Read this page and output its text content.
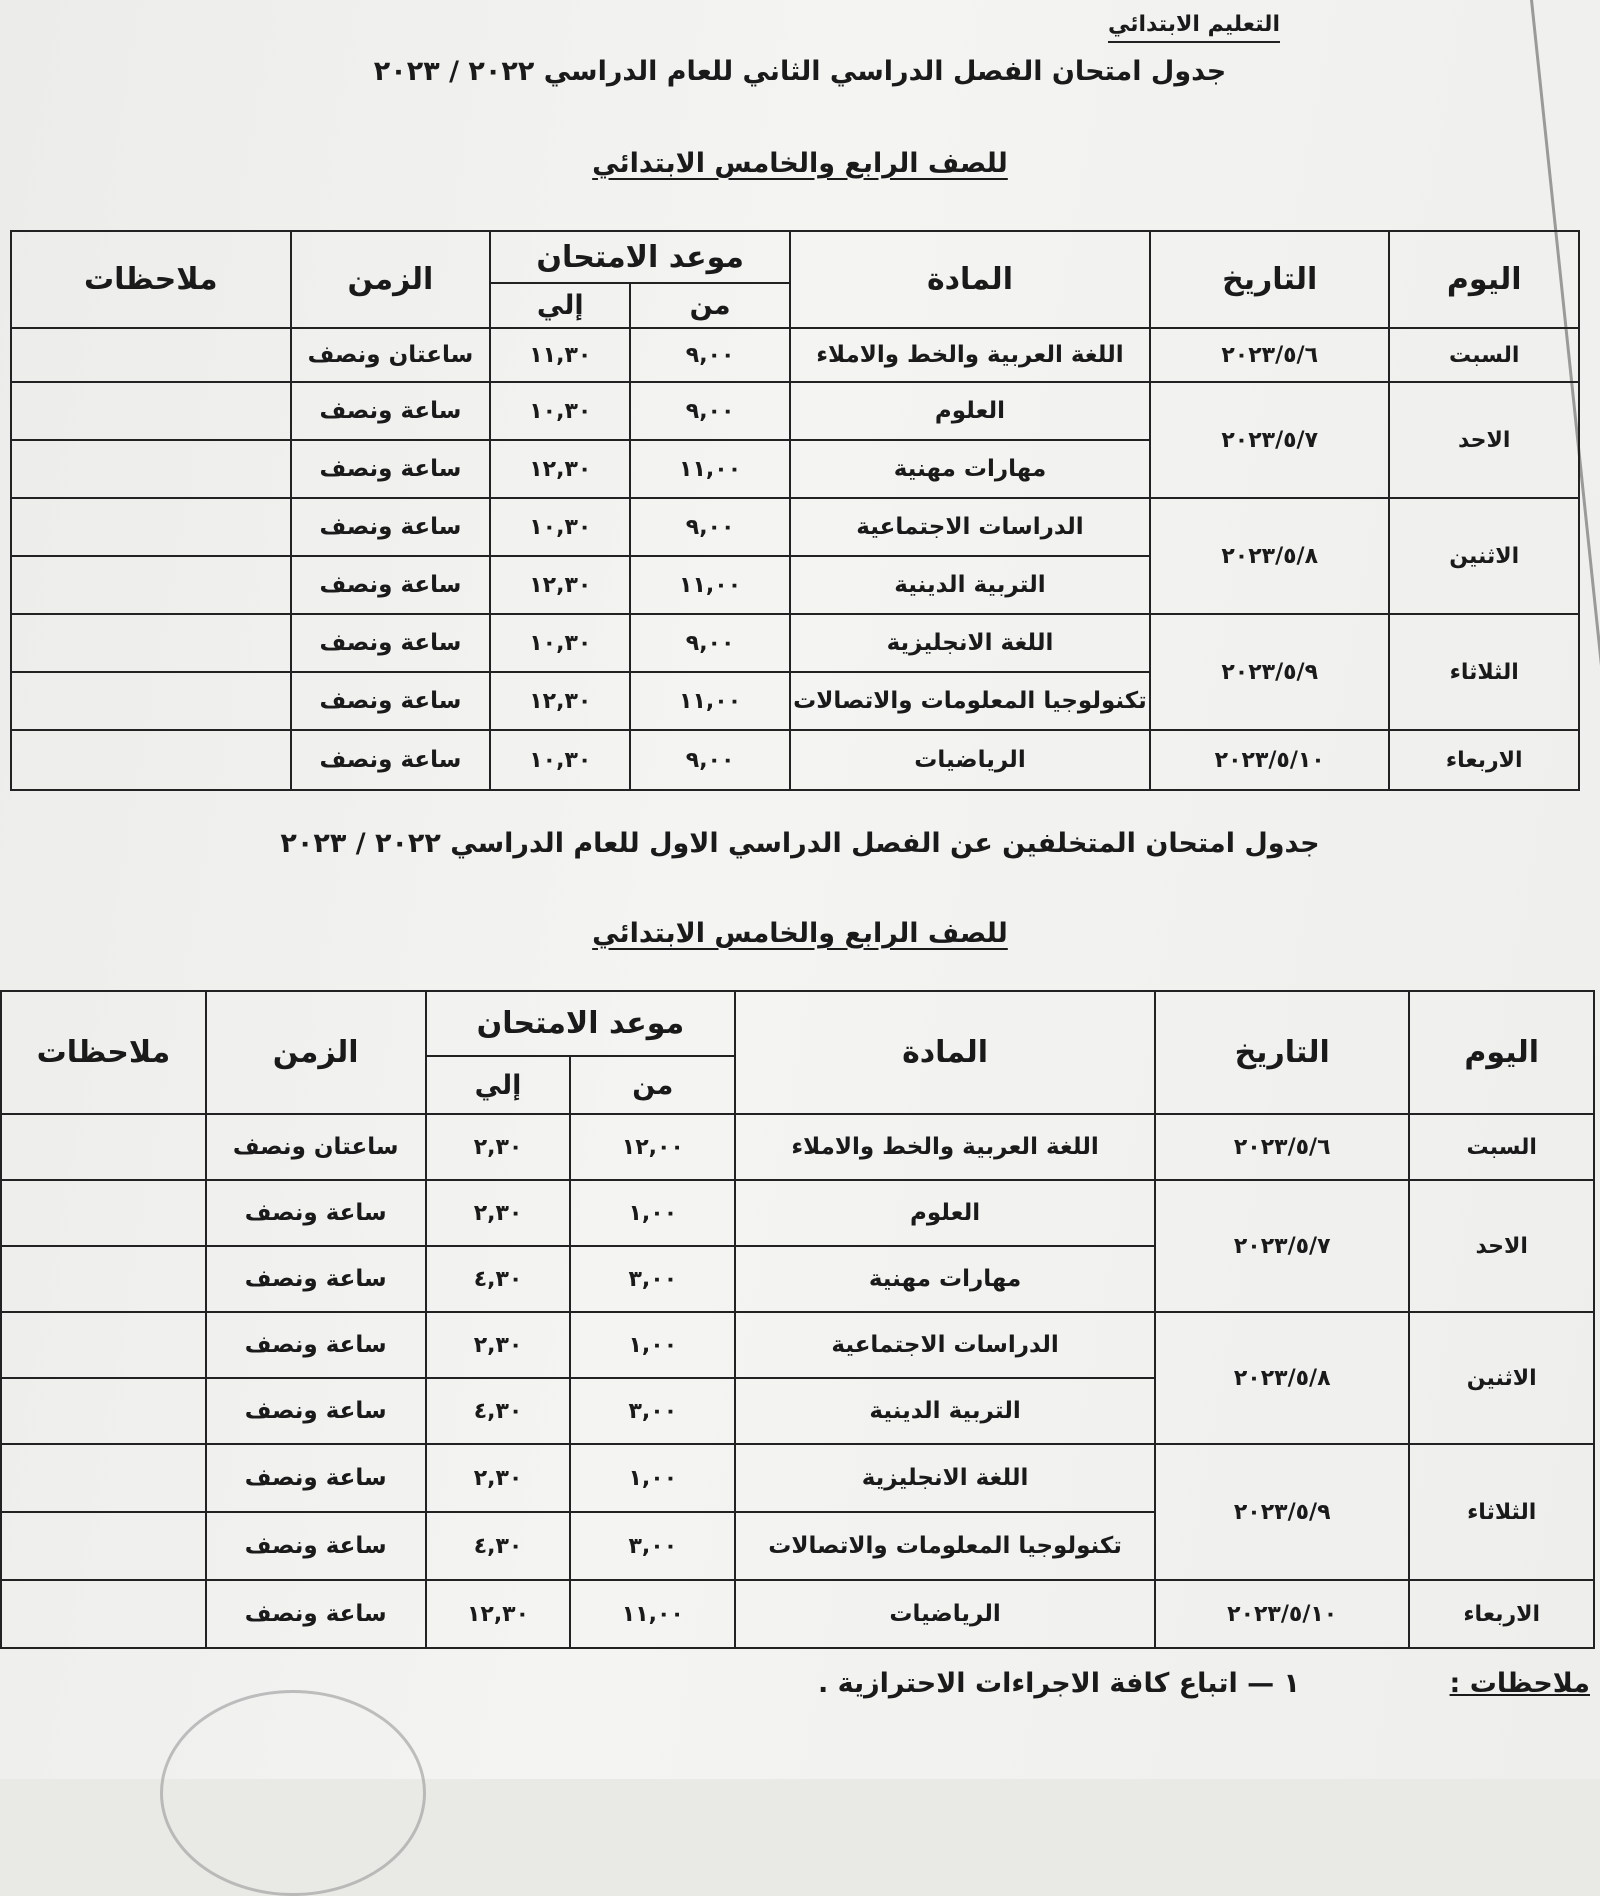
التعليم الابتدائي
جدول امتحان الفصل الدراسي الثاني للعام الدراسي ٢٠٢٢ / ٢٠٢٣
للصف الرابع والخامس الابتدائي
اليوم	التاريخ	المادة	موعد الامتحان		الزمن	ملاحظات
			من	إلي		
السبت	٢٠٢٣/٥/٦	اللغة العربية والخط والاملاء	٩,٠٠	١١,٣٠	ساعتان ونصف	
الاحد	٢٠٢٣/٥/٧	العلوم	٩,٠٠	١٠,٣٠	ساعة ونصف	
		مهارات مهنية	١١,٠٠	١٢,٣٠	ساعة ونصف	
الاثنين	٢٠٢٣/٥/٨	الدراسات الاجتماعية	٩,٠٠	١٠,٣٠	ساعة ونصف	
		التربية الدينية	١١,٠٠	١٢,٣٠	ساعة ونصف	
الثلاثاء	٢٠٢٣/٥/٩	اللغة الانجليزية	٩,٠٠	١٠,٣٠	ساعة ونصف	
		تكنولوجيا المعلومات والاتصالات	١١,٠٠	١٢,٣٠	ساعة ونصف	
الاربعاء	٢٠٢٣/٥/١٠	الرياضيات	٩,٠٠	١٠,٣٠	ساعة ونصف	
جدول امتحان المتخلفين عن الفصل الدراسي الاول للعام الدراسي ٢٠٢٢ / ٢٠٢٣
للصف الرابع والخامس الابتدائي
اليوم	التاريخ	المادة	موعد الامتحان		الزمن	ملاحظات
			من	إلي		
السبت	٢٠٢٣/٥/٦	اللغة العربية والخط والاملاء	١٢,٠٠	٢,٣٠	ساعتان ونصف	
الاحد	٢٠٢٣/٥/٧	العلوم	١,٠٠	٢,٣٠	ساعة ونصف	
		مهارات مهنية	٣,٠٠	٤,٣٠	ساعة ونصف	
الاثنين	٢٠٢٣/٥/٨	الدراسات الاجتماعية	١,٠٠	٢,٣٠	ساعة ونصف	
		التربية الدينية	٣,٠٠	٤,٣٠	ساعة ونصف	
الثلاثاء	٢٠٢٣/٥/٩	اللغة الانجليزية	١,٠٠	٢,٣٠	ساعة ونصف	
		تكنولوجيا المعلومات والاتصالات	٣,٠٠	٤,٣٠	ساعة ونصف	
الاربعاء	٢٠٢٣/٥/١٠	الرياضيات	١١,٠٠	١٢,٣٠	ساعة ونصف	
ملاحظات :
١ — اتباع كافة الاجراءات الاحترازية .
